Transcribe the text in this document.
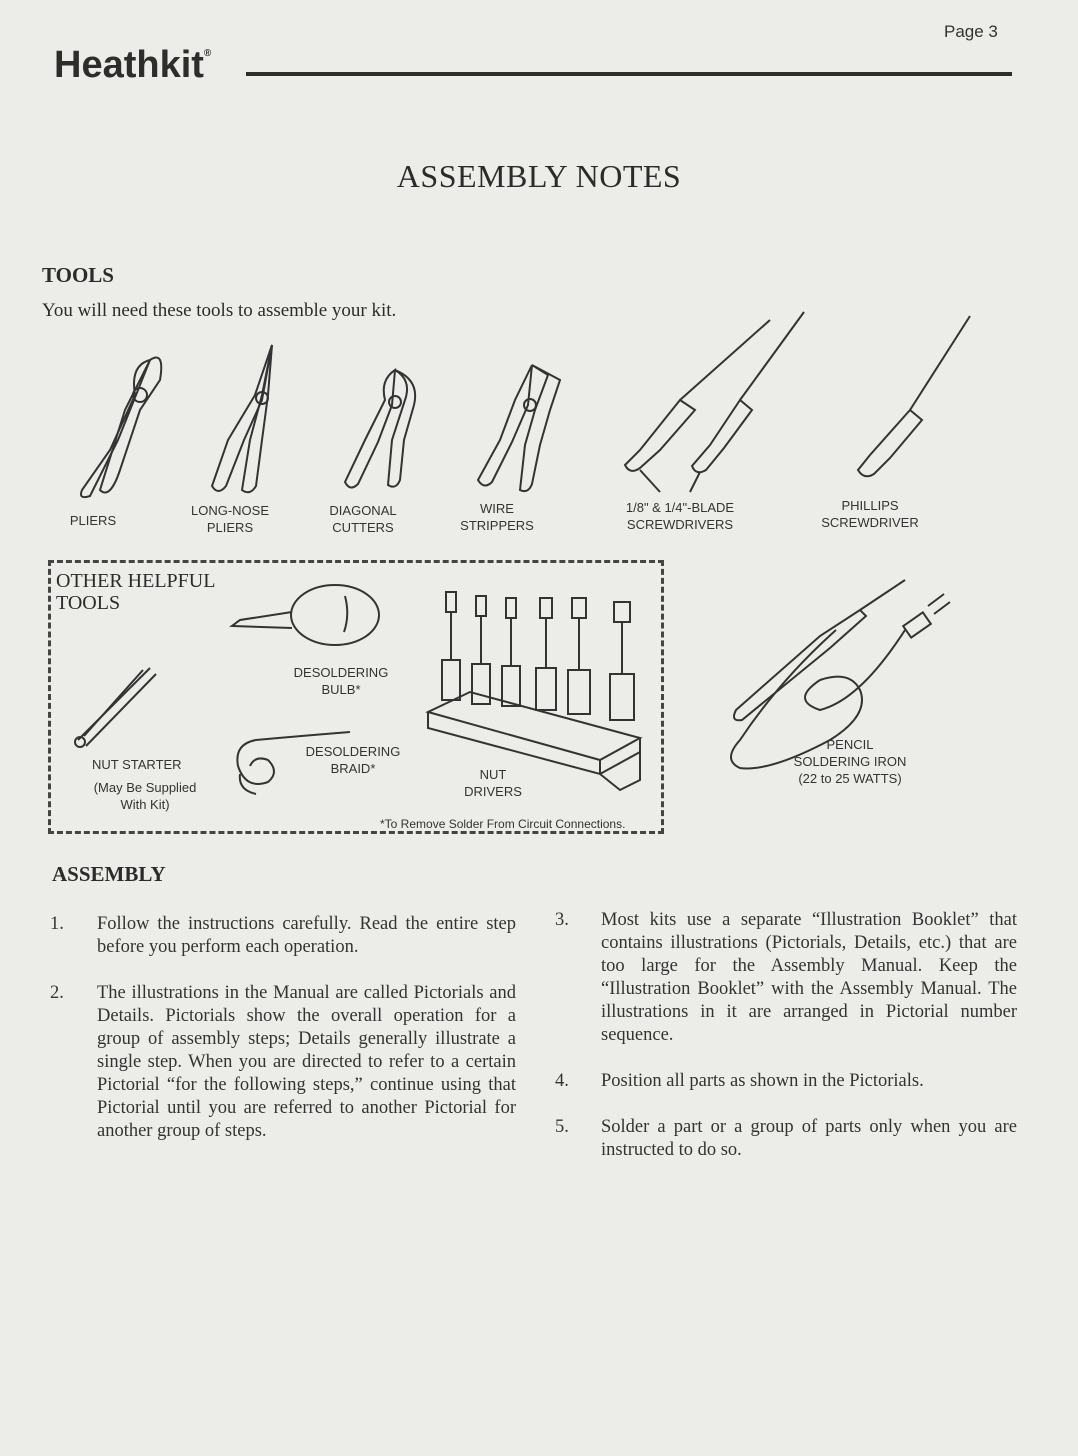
Heathkit®
Page 3
ASSEMBLY NOTES
TOOLS
You will need these tools to assemble your kit.
PLIERS
LONG-NOSE
PLIERS
DIAGONAL
CUTTERS
WIRE
STRIPPERS
1/8" & 1/4"-BLADE
SCREWDRIVERS
PHILLIPS
SCREWDRIVER
OTHER HELPFUL
TOOLS
DESOLDERING
BULB*
NUT STARTER
(May Be Supplied
With Kit)
DESOLDERING
BRAID*	NUT
DRIVERS
PENCIL
SOLDERING IRON
(22 to 25 WATTS)
*To Remove Solder From Circuit Connections.
ASSEMBLY
1.	Follow the instructions carefully. Read the entire step before you perform each operation.
2.	The illustrations in the Manual are called Pictorials and Details. Pictorials show the overall operation for a group of assembly steps; Details generally illustrate a single step. When you are directed to refer to a certain Pictorial “for the following steps,” continue using that Pictorial until you are referred to another Pictorial for another group of steps.
3.	Most kits use a separate “Illustration Booklet” that contains illustrations (Pictorials, Details, etc.) that are too large for the Assembly Manual. Keep the “Illustration Booklet” with the Assembly Manual. The illustrations in it are arranged in Pictorial number sequence.
4.	Position all parts as shown in the Pictorials.
5.	Solder a part or a group of parts only when you are instructed to do so.
